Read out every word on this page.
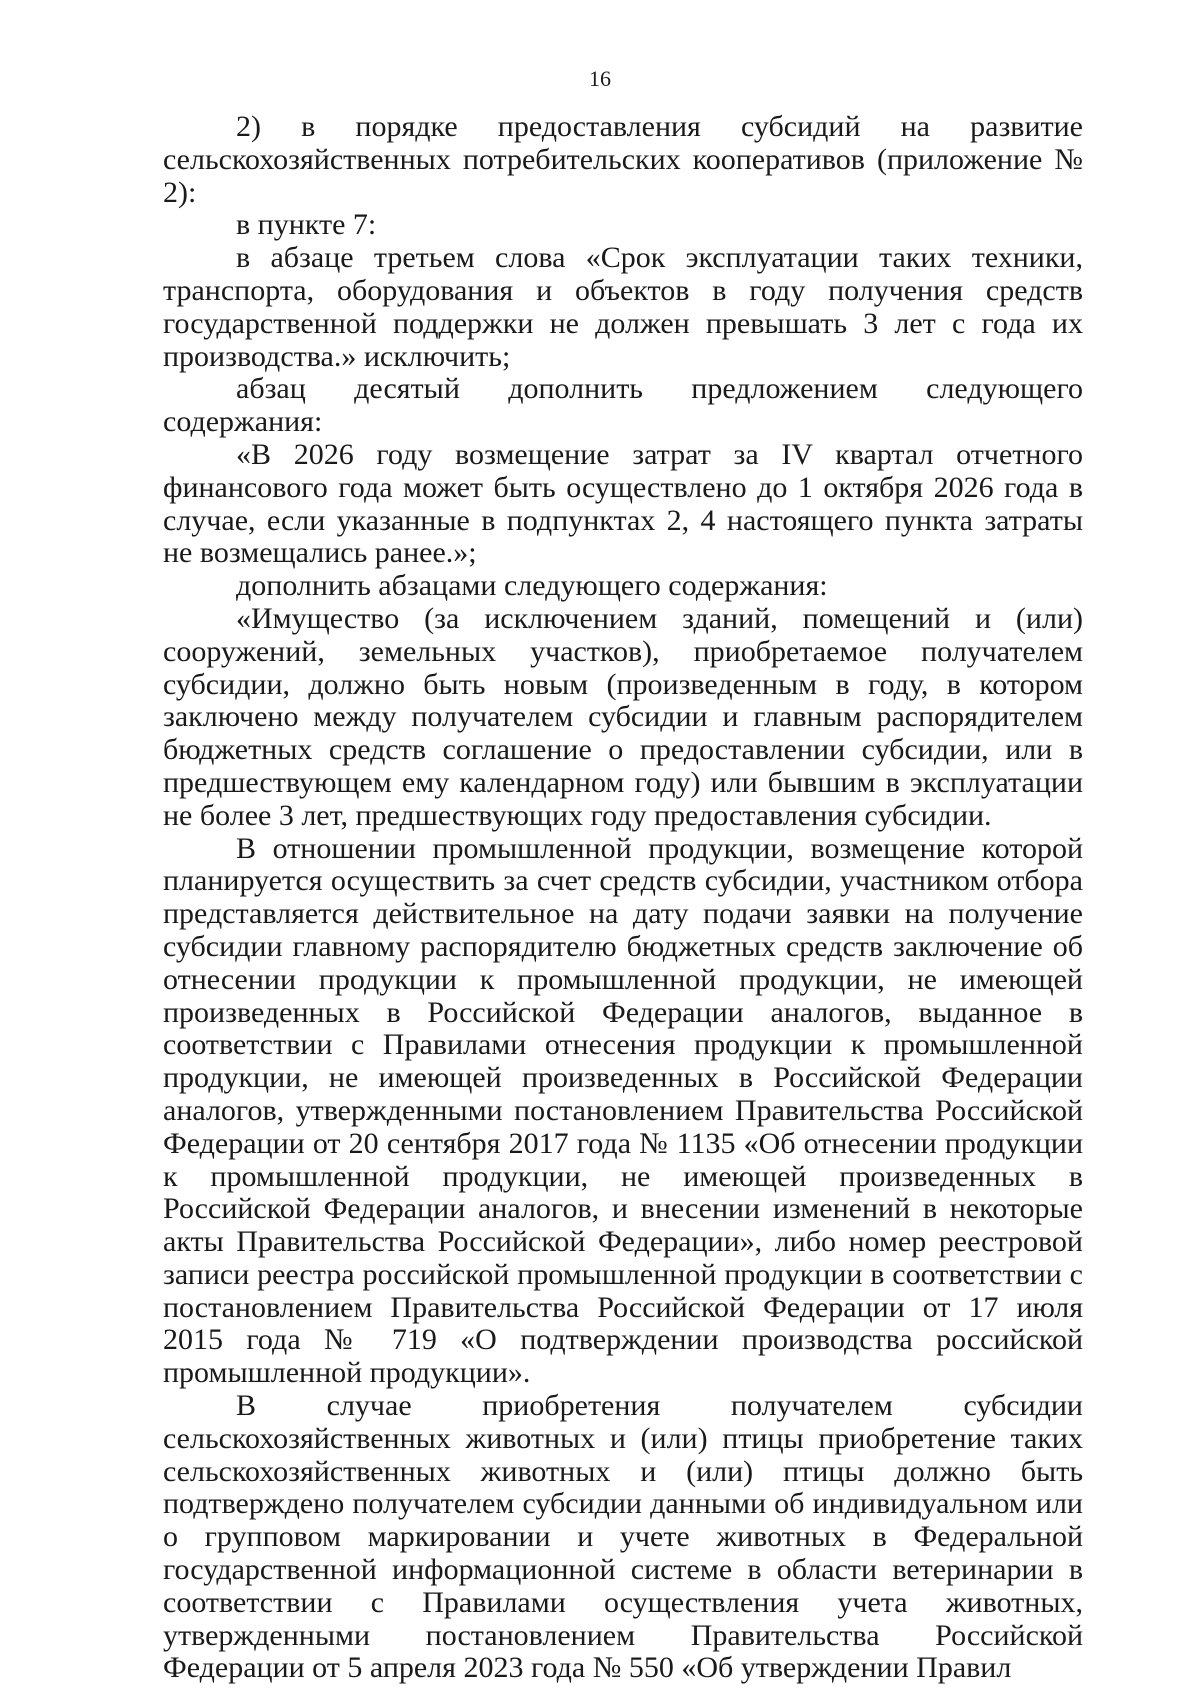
16

2) в порядке предоставления субсидий на развитие сельскохозяйственных потребительских кооперативов (приложение № 2):

в пункте 7:

в абзаце третьем слова «Срок эксплуатации таких техники, транспорта, оборудования и объектов в году получения средств государственной поддержки не должен превышать 3 лет с года их производства.» исключить;

абзац десятый дополнить предложением следующего содержания:

«В 2026 году возмещение затрат за IV квартал отчетного финансового года может быть осуществлено до 1 октября 2026 года в случае, если указанные в подпунктах 2, 4 настоящего пункта затраты не возмещались ранее.»;

дополнить абзацами следующего содержания:

«Имущество (за исключением зданий, помещений и (или) сооружений, земельных участков), приобретаемое получателем субсидии, должно быть новым (произведенным в году, в котором заключено между получателем субсидии и главным распорядителем бюджетных средств соглашение о предоставлении субсидии, или в предшествующем ему календарном году) или бывшим в эксплуатации не более 3 лет, предшествующих году предоставления субсидии.

В отношении промышленной продукции, возмещение которой планируется осуществить за счет средств субсидии, участником отбора представляется действительное на дату подачи заявки на получение субсидии главному распорядителю бюджетных средств заключение об отнесении продукции к промышленной продукции, не имеющей произведенных в Российской Федерации аналогов, выданное в соответствии с Правилами отнесения продукции к промышленной продукции, не имеющей произведенных в Российской Федерации аналогов, утвержденными постановлением Правительства Российской Федерации от 20 сентября 2017 года № 1135 «Об отнесении продукции к промышленной продукции, не имеющей произведенных в Российской Федерации аналогов, и внесении изменений в некоторые акты Правительства Российской Федерации», либо номер реестровой записи реестра российской промышленной продукции в соответствии с постановлением Правительства Российской Федерации от 17 июля 2015 года № 719 «О подтверждении производства российской промышленной продукции».

В случае приобретения получателем субсидии сельскохозяйственных животных и (или) птицы приобретение таких сельскохозяйственных животных и (или) птицы должно быть подтверждено получателем субсидии данными об индивидуальном или о групповом маркировании и учете животных в Федеральной государственной информационной системе в области ветеринарии в соответствии с Правилами осуществления учета животных, утвержденными постановлением Правительства Российской Федерации от 5 апреля 2023 года № 550 «Об утверждении Правил
